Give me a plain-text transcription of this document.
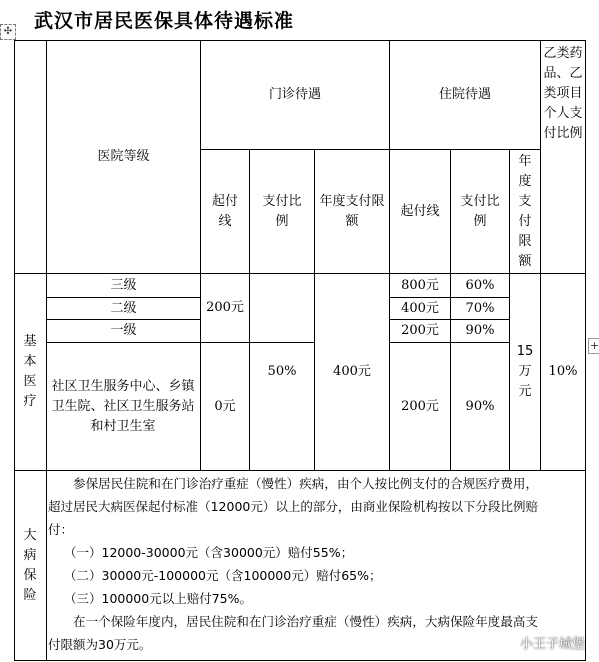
武汉市居民医保具体待遇标准
✣
医院等级
门诊待遇	住院待遇
乙类药品、乙类项目个人支付比例
起付线
支付比例
年度支付限额
起付线
支付比例
年度支付限额
基本医疗
三级
二级
一级
社区卫生服务中心、乡镇卫生院、社区卫生服务站和村卫生室
200元
0元
50%	400元
800元
400元
200元
200元
60%
70%
90%
90%
15万元
10%
大病保险

参保居民住院和在门诊治疗重症（慢性）疾病，由个人按比例支付的合规医疗费用，超过居民大病医保起付标准（12000元）以上的部分，由商业保险机构按以下分段比例赔付：

（一）12000-30000元（含30000元）赔付55%；

（二）30000元-100000元（含100000元）赔付65%；

（三）100000元以上赔付75%。

在一个保险年度内，居民住院和在门诊治疗重症（慢性）疾病，大病保险年度最高支付限额为30万元。

+
小王子城堡
